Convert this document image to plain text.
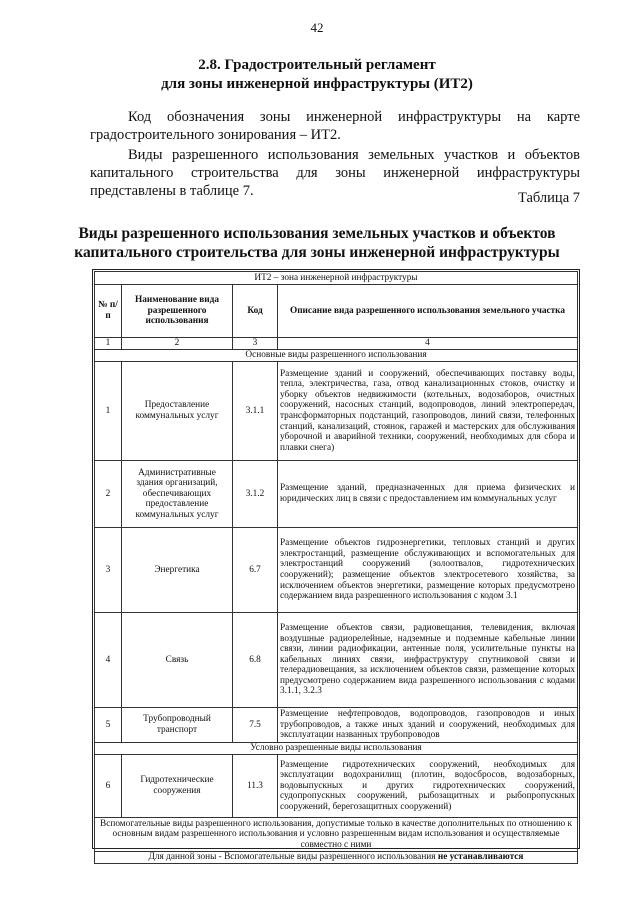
42
2.8. Градостроительный регламент
для зоны инженерной инфраструктуры (ИТ2)
Код обозначения зоны инженерной инфраструктуры на карте градостроительного зонирования – ИТ2.
Виды разрешенного использования земельных участков и объектов капитального строительства для зоны инженерной инфраструктуры представлены в таблице 7.	Таблица 7
Виды разрешенного использования земельных участков и объектов
капитального строительства для зоны инженерной инфраструктуры
ИТ2 – зона инженерной инфраструктуры			
№ п/п	Наименование вида разрешенного использования	Код	Описание вида разрешенного использования земельного участка
1	2	3	4
Основные виды разрешенного использования			
1	Предоставление коммунальных услуг	3.1.1	Размещение зданий и сооружений, обеспечивающих поставку воды, тепла, электричества, газа, отвод канализационных стоков, очистку и уборку объектов недвижимости (котельных, водозаборов, очистных сооружений, насосных станций, водопроводов, линий электропередач, трансформаторных подстанций, газопроводов, линий связи, телефонных станций, канализаций, стоянок, гаражей и мастерских для обслуживания уборочной и аварийной техники, сооружений, необходимых для сбора и плавки снега)
2	Административные здания организаций, обеспечивающих предоставление коммунальных услуг	3.1.2	Размещение зданий, предназначенных для приема физических и юридических лиц в связи с предоставлением им коммунальных услуг
3	Энергетика	6.7	Размещение объектов гидроэнергетики, тепловых станций и других электростанций, размещение обслуживающих и вспомогательных для электростанций сооружений (золоотвалов, гидротехнических сооружений); размещение объектов электросетевого хозяйства, за исключением объектов энергетики, размещение которых предусмотрено содержанием вида разрешенного использования с кодом 3.1
4	Связь	6.8	Размещение объектов связи, радиовещания, телевидения, включая воздушные радиорелейные, надземные и подземные кабельные линии связи, линии радиофикации, антенные поля, усилительные пункты на кабельных линиях связи, инфраструктуру спутниковой связи и телерадиовещания, за исключением объектов связи, размещение которых предусмотрено содержанием вида разрешенного использования с кодами 3.1.1, 3.2.3
5	Трубопроводный транспорт	7.5	Размещение нефтепроводов, водопроводов, газопроводов и иных трубопроводов, а также иных зданий и сооружений, необходимых для эксплуатации названных трубопроводов
Условно разрешенные виды использования			
6	Гидротехнические сооружения	11.3	Размещение гидротехнических сооружений, необходимых для эксплуатации водохранилищ (плотин, водосбросов, водозаборных, водовыпускных и других гидротехнических сооружений, судопропускных сооружений, рыбозащитных и рыбопропускных сооружений, берегозащитных сооружений)
Вспомогательные виды разрешенного использования, допустимые только в качестве дополнительных по отношению к основным видам разрешенного использования и условно разрешенным видам использования и осуществляемые совместно с ними			
Для данной зоны - Вспомогательные виды разрешенного использования не устанавливаются			
